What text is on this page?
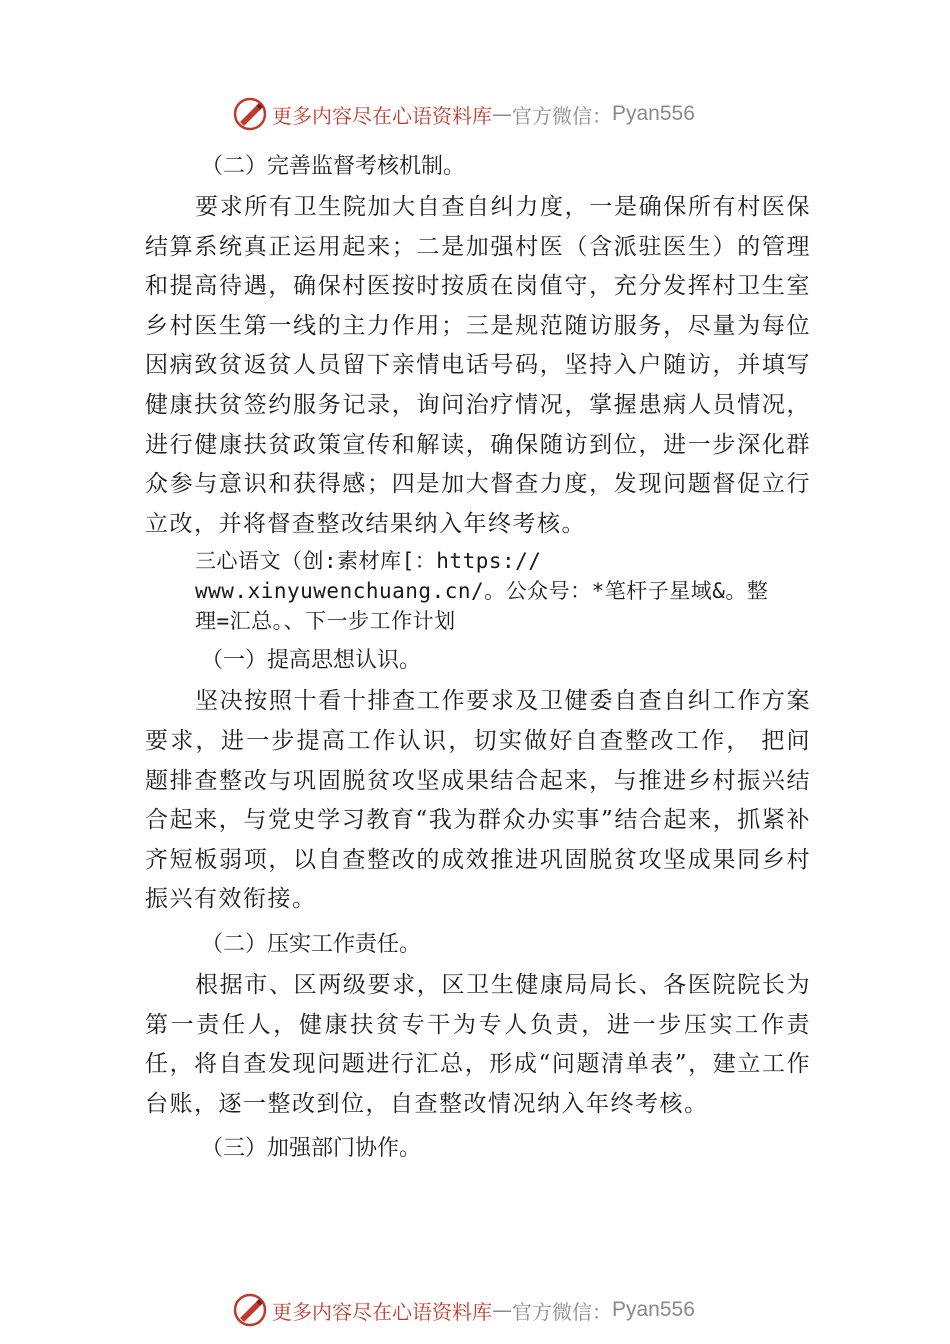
更多内容尽在心语资料库 — 官方微信： Pyan556

（二）完善监督考核机制。

要求所有卫生院加大自查自纠力度，一是确保所有村医保结算系统真正运用起来；二是加强村医（含派驻医生）的管理和提高待遇，确保村医按时按质在岗值守，充分发挥村卫生室乡村医生第一线的主力作用；三是规范随访服务，尽量为每位因病致贫返贫人员留下亲情电话号码，坚持入户随访，并填写健康扶贫签约服务记录，询问治疗情况，掌握患病人员情况，进行健康扶贫政策宣传和解读，确保随访到位，进一步深化群众参与意识和获得感；四是加大督查力度，发现问题督促立行立改，并将督查整改结果纳入年终考核。

三心语文（创:素材库[：https://
www.xinyuwenchuang.cn/。公众号：*笔杆子星域&。整
理=汇总。、下一步工作计划

（一）提高思想认识。

坚决按照十看十排查工作要求及卫健委自查自纠工作方案要求，进一步提高工作认识，切实做好自查整改工作， 把问题排查整改与巩固脱贫攻坚成果结合起来，与推进乡村振兴结合起来，与党史学习教育“我为群众办实事”结合起来，抓紧补齐短板弱项，以自查整改的成效推进巩固脱贫攻坚成果同乡村振兴有效衔接。

（二）压实工作责任。

根据市、区两级要求，区卫生健康局局长、各医院院长为第一责任人，健康扶贫专干为专人负责，进一步压实工作责任，将自查发现问题进行汇总，形成“问题清单表”，建立工作台账，逐一整改到位，自查整改情况纳入年终考核。

（三）加强部门协作。

更多内容尽在心语资料库 — 官方微信： Pyan556
